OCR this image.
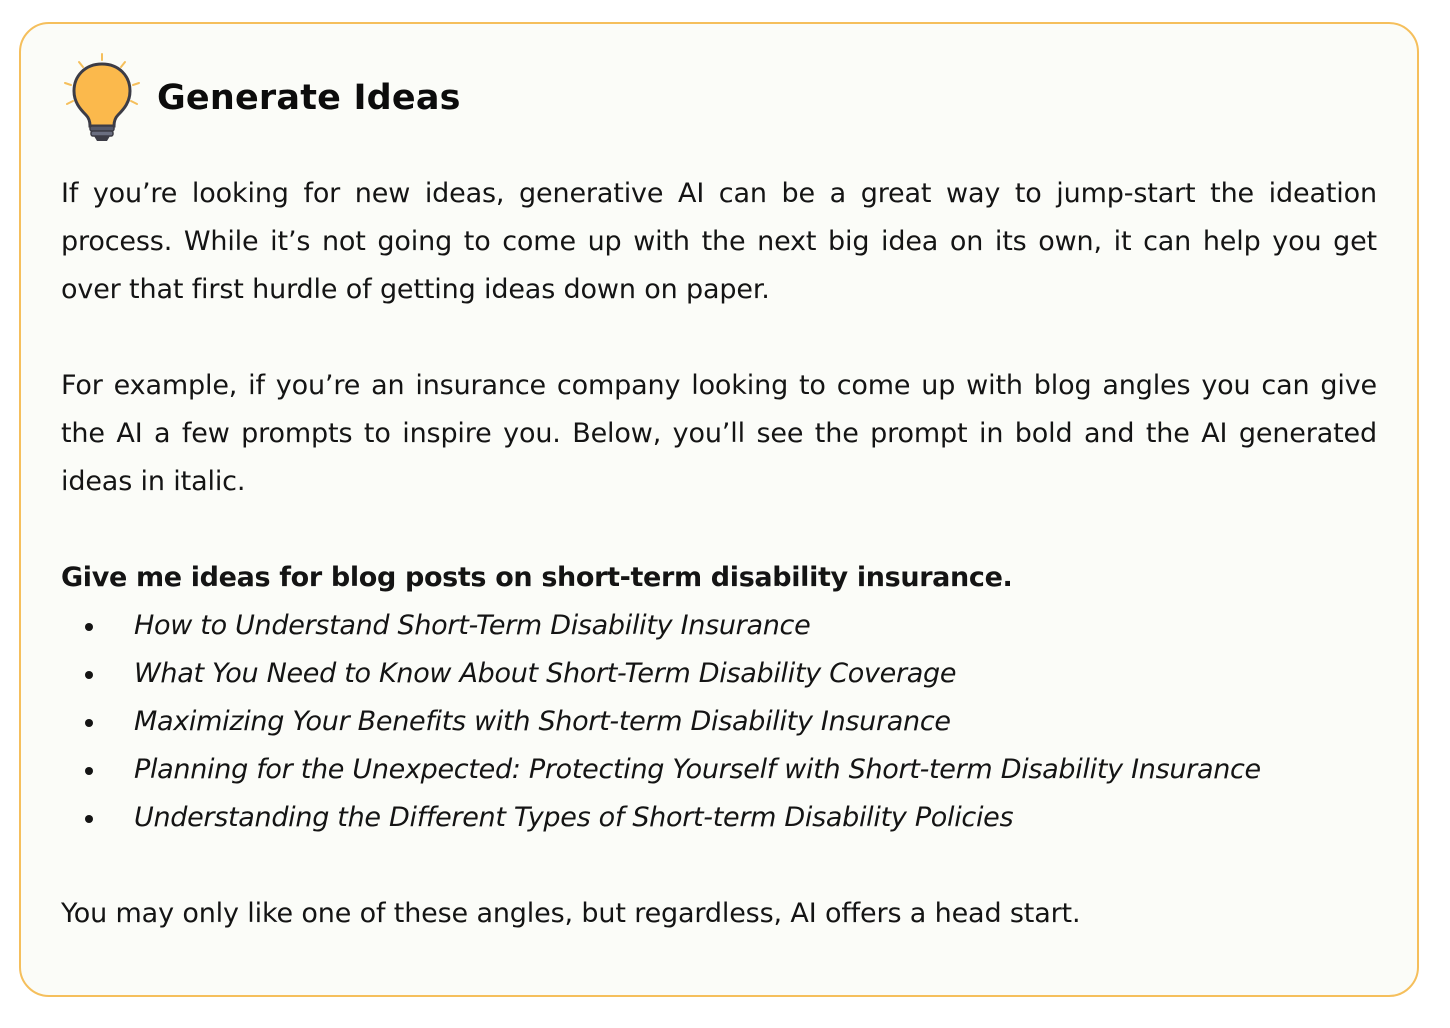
Generate Ideas

If you’re looking for new ideas, generative AI can be a great way to jump-start the ideation process. While it’s not going to come up with the next big idea on its own, it can help you get over that first hurdle of getting ideas down on paper.

For example, if you’re an insurance company looking to come up with blog angles you can give the AI a few prompts to inspire you. Below, you’ll see the prompt in bold and the AI generated ideas in italic.

Give me ideas for blog posts on short-term disability insurance.

How to Understand Short-Term Disability Insurance
What You Need to Know About Short-Term Disability Coverage
Maximizing Your Benefits with Short-term Disability Insurance
Planning for the Unexpected: Protecting Yourself with Short-term Disability Insurance
Understanding the Different Types of Short-term Disability Policies

You may only like one of these angles, but regardless, AI offers a head start.
